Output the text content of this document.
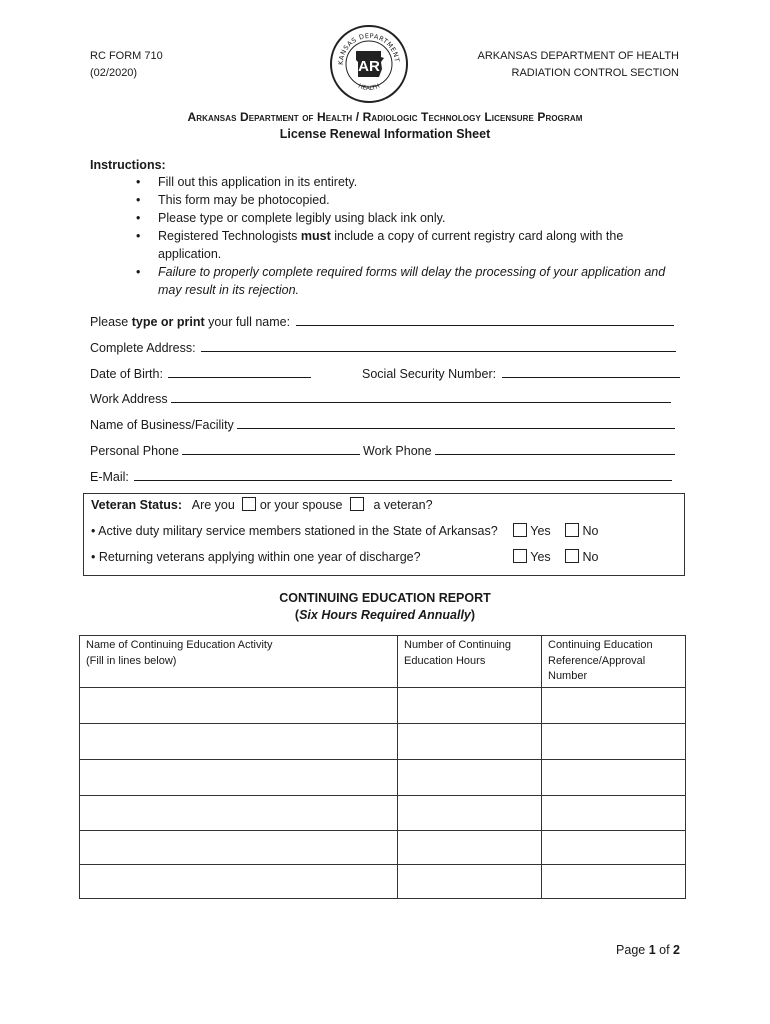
RC FORM 710
(02/2020)
KANSAS DEPARTMENT
HEALTH
AR
ARKANSAS DEPARTMENT OF HEALTH
RADIATION CONTROL SECTION
Arkansas Department of Health / Radiologic Technology Licensure Program
License Renewal Information Sheet
Instructions:
• Fill out this application in its entirety.
• This form may be photocopied.
• Please type or complete legibly using black ink only.
• Registered Technologists must include a copy of current registry card along with the application.
• Failure to properly complete required forms will delay the processing of your application and may result in its rejection.
Please type or print your full name:
Complete Address:
Date of Birth:	Social Security Number:
Work Address
Name of Business/Facility
Personal Phone	Work Phone
E-Mail:
Veteran Status: Are you or your spouse a veteran?
• Active duty military service members stationed in the State of Arkansas?	Yes	No
• Returning veterans applying within one year of discharge?	Yes	No
CONTINUING EDUCATION REPORT
(Six Hours Required Annually)
Name of Continuing Education Activity
(Fill in lines below)	Number of Continuing Education Hours	Continuing Education Reference/Approval Number

Page 1 of 2
